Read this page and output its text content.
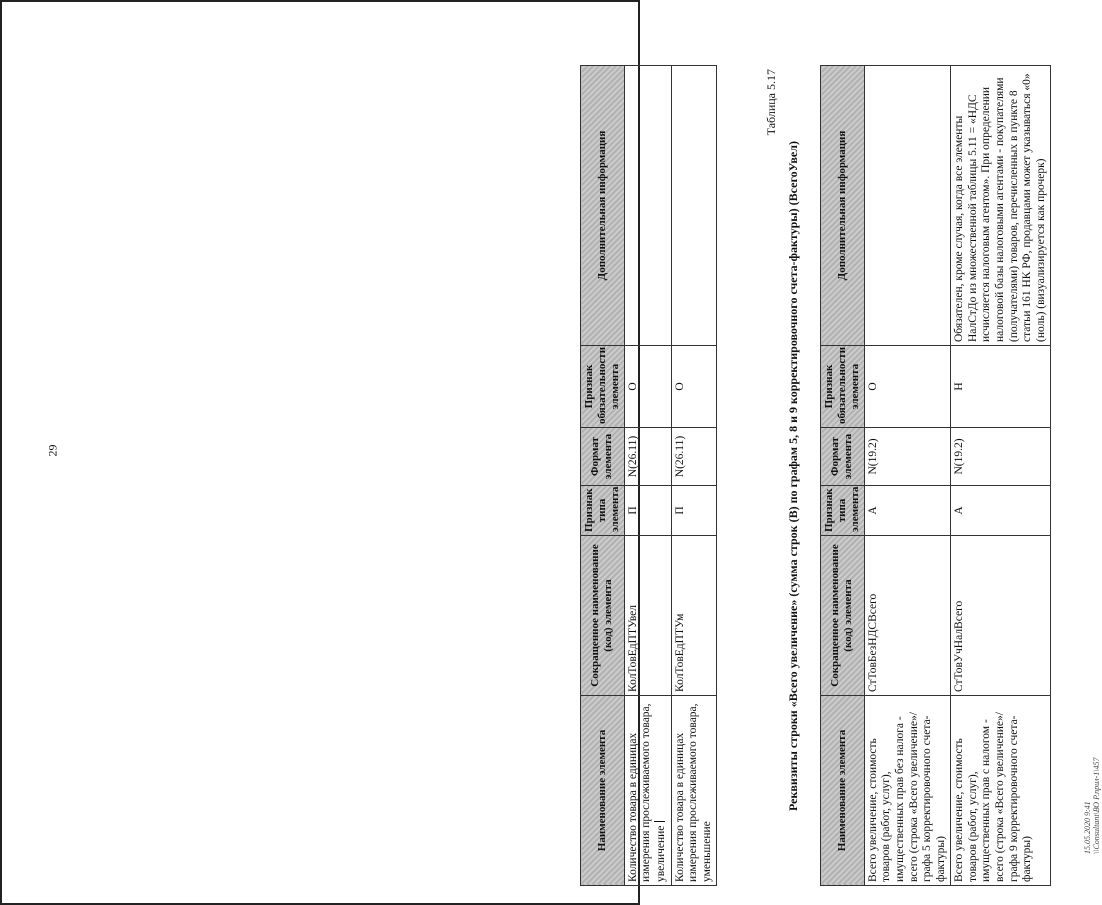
29
Наименование элемента	Сокращенное наименование (код) элемента	Признак типа элемента	Формат элемента	Признак обязательности элемента	Дополнительная информация
Количество товара в единицах измерения прослеживаемого товара, увеличение	КолТовЕдПТУвел	П	N(26.11)	О	
Количество товара в единицах измерения прослеживаемого товара, уменьшение	КолТовЕдПТУм	П	N(26.11)	О	
Таблица 5.17
Реквизиты строки «Всего увеличение» (сумма строк (В) по графам 5, 8 и 9 корректировочного счета-фактуры) (ВсегоУвел)	Наименование элемента	Сокращенное наименование (код) элемента	Признак типа элемента	Формат элемента	Признак обязательности элемента	Дополнительная информация
Всего увеличение, стоимость товаров (работ, услуг), имущественных прав без налога - всего (строка «Всего увеличение»/графа 5 корректировочного счета-фактуры)	СтТовБезНДСВсего	А	N(19.2)	О	
Всего увеличение, стоимость товаров (работ, услуг), имущественных прав с налогом - всего (строка «Всего увеличение»/графа 9 корректировочного счета-фактуры)	СтТовУчНалВсего	А	N(19.2)	Н	Обязателен, кроме случая, когда все элементы НалСтДо из множественной таблицы 5.11 = «НДС исчисляется налоговым агентом». При определении налоговой базы налоговыми агентами - покупателями (получателями) товаров, перечисленных в пункте 8 статьи 161 НК РФ, продавцами может указываться «0» (ноль) (визуализируется как прочерк)
15.05.2020 9:41 \\Consultant\ВО Р.прил-1\457
